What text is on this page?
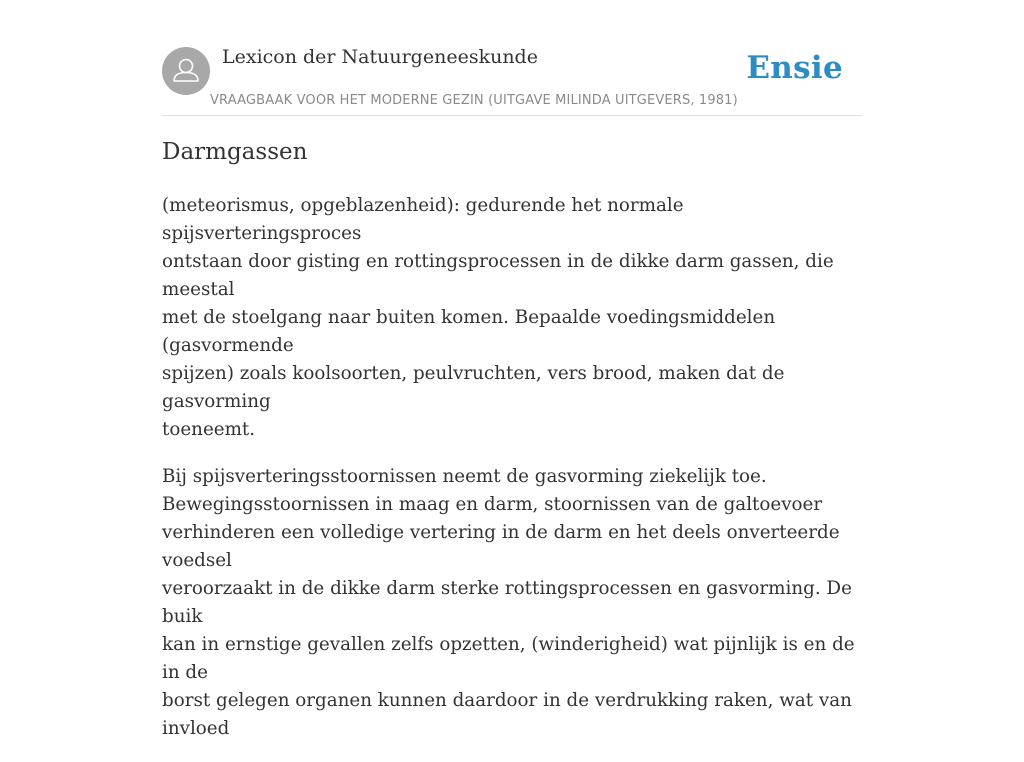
Lexicon der Natuurgeneeskunde
VRAAGBAAK VOOR HET MODERNE GEZIN (UITGAVE MILINDA UITGEVERS, 1981)
Ensie
Darmgassen

(meteorismus, opgeblazenheid): gedurende het normale spijsverteringsproces
ontstaan door gisting en rottingsprocessen in de dikke darm gassen, die meestal
met de stoelgang naar buiten komen. Bepaalde voedingsmiddelen (gasvormende
spijzen) zoals koolsoorten, peulvruchten, vers brood, maken dat de gasvorming
toeneemt.

Bij spijsverteringsstoornissen neemt de gasvorming ziekelijk toe.
Bewegingsstoornissen in maag en darm, stoornissen van de galtoevoer
verhinderen een volledige vertering in de darm en het deels onverteerde voedsel
veroorzaakt in de dikke darm sterke rottingsprocessen en gasvorming. De buik
kan in ernstige gevallen zelfs opzetten, (winderigheid) wat pijnlijk is en de in de
borst gelegen organen kunnen daardoor in de verdrukking raken, wat van invloed
